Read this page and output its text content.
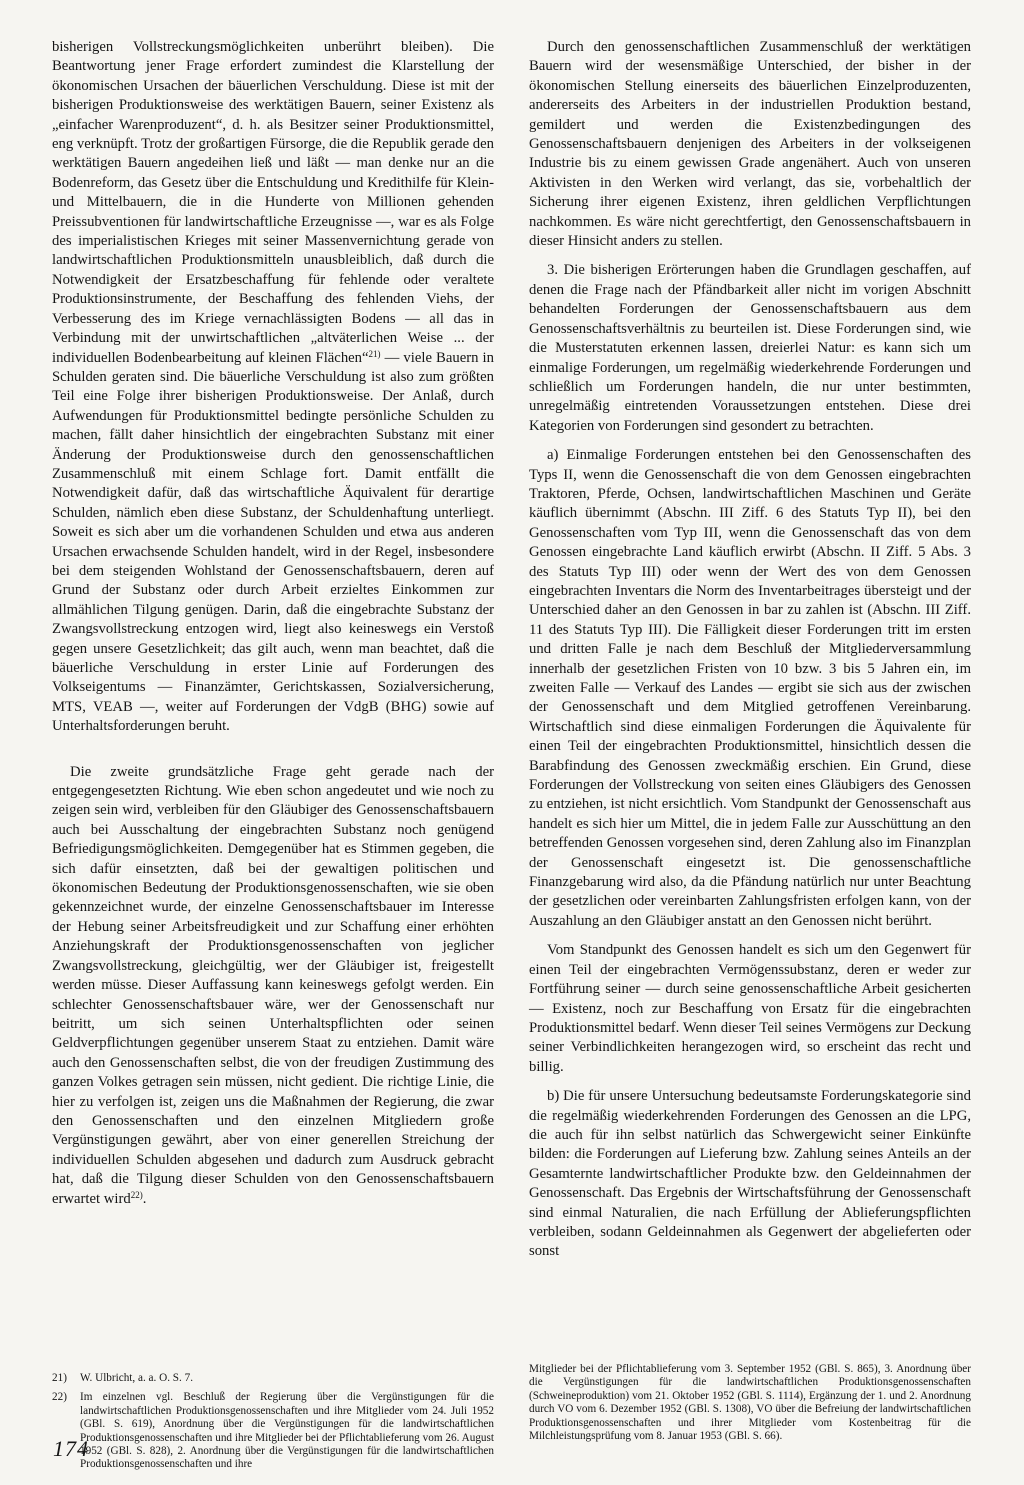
bisherigen Vollstreckungsmöglichkeiten unberührt bleiben). Die Beantwortung jener Frage erfordert zumindest die Klarstellung der ökonomischen Ursachen der bäuerlichen Verschuldung. Diese ist mit der bisherigen Produktionsweise des werktätigen Bauern, seiner Existenz als „einfacher Warenproduzent“, d. h. als Besitzer seiner Produktionsmittel, eng verknüpft. Trotz der großartigen Fürsorge, die die Republik gerade den werktätigen Bauern angedeihen ließ und läßt — man denke nur an die Bodenreform, das Gesetz über die Entschuldung und Kredithilfe für Klein- und Mittelbauern, die in die Hunderte von Millionen gehenden Preissubventionen für landwirtschaftliche Erzeugnisse —, war es als Folge des imperialistischen Krieges mit seiner Massenvernichtung gerade von landwirtschaftlichen Produktionsmitteln unausbleiblich, daß durch die Notwendigkeit der Ersatzbeschaffung für fehlende oder veraltete Produktionsinstrumente, der Beschaffung des fehlenden Viehs, der Verbesserung des im Kriege vernachlässigten Bodens — all das in Verbindung mit der unwirtschaftlichen „altväterlichen Weise ... der individuellen Bodenbearbeitung auf kleinen Flächen“$^{21)}$ — viele Bauern in Schulden geraten sind. Die bäuerliche Verschuldung ist also zum größten Teil eine Folge ihrer bisherigen Produktionsweise. Der Anlaß, durch Aufwendungen für Produktionsmittel bedingte persönliche Schulden zu machen, fällt daher hinsichtlich der eingebrachten Substanz mit einer Änderung der Produktionsweise durch den genossenschaftlichen Zusammenschluß mit einem Schlage fort. Damit entfällt die Notwendigkeit dafür, daß das wirtschaftliche Äquivalent für derartige Schulden, nämlich eben diese Substanz, der Schuldenhaftung unterliegt. Soweit es sich aber um die vorhandenen Schulden und etwa aus anderen Ursachen erwachsende Schulden handelt, wird in der Regel, insbesondere bei dem steigenden Wohlstand der Genossenschaftsbauern, deren auf Grund der Substanz oder durch Arbeit erzieltes Einkommen zur allmählichen Tilgung genügen. Darin, daß die eingebrachte Substanz der Zwangsvollstreckung entzogen wird, liegt also keineswegs ein Verstoß gegen unsere Gesetzlichkeit; das gilt auch, wenn man beachtet, daß die bäuerliche Verschuldung in erster Linie auf Forderungen des Volkseigentums — Finanzämter, Gerichtskassen, Sozialversicherung, MTS, VEAB —, weiter auf Forderungen der VdgB (BHG) sowie auf Unterhaltsforderungen beruht.

Die zweite grundsätzliche Frage geht gerade nach der entgegengesetzten Richtung. Wie eben schon angedeutet und wie noch zu zeigen sein wird, verbleiben für den Gläubiger des Genossenschaftsbauern auch bei Ausschaltung der eingebrachten Substanz noch genügend Befriedigungsmöglichkeiten. Demgegenüber hat es Stimmen gegeben, die sich dafür einsetzten, daß bei der gewaltigen politischen und ökonomischen Bedeutung der Produktionsgenossenschaften, wie sie oben gekennzeichnet wurde, der einzelne Genossenschaftsbauer im Interesse der Hebung seiner Arbeitsfreudigkeit und zur Schaffung einer erhöhten Anziehungskraft der Produktionsgenossenschaften von jeglicher Zwangsvollstreckung, gleichgültig, wer der Gläubiger ist, freigestellt werden müsse. Dieser Auffassung kann keineswegs gefolgt werden. Ein schlechter Genossenschaftsbauer wäre, wer der Genossenschaft nur beitritt, um sich seinen Unterhaltspflichten oder seinen Geldverpflichtungen gegenüber unserem Staat zu entziehen. Damit wäre auch den Genossenschaften selbst, die von der freudigen Zustimmung des ganzen Volkes getragen sein müssen, nicht gedient. Die richtige Linie, die hier zu verfolgen ist, zeigen uns die Maßnahmen der Regierung, die zwar den Genossenschaften und den einzelnen Mitgliedern große Vergünstigungen gewährt, aber von einer generellen Streichung der individuellen Schulden abgesehen und dadurch zum Ausdruck gebracht hat, daß die Tilgung dieser Schulden von den Genossenschaftsbauern erwartet wird$^{22)}$.

Durch den genossenschaftlichen Zusammenschluß der werktätigen Bauern wird der wesensmäßige Unterschied, der bisher in der ökonomischen Stellung einerseits des bäuerlichen Einzelproduzenten, andererseits des Arbeiters in der industriellen Produktion bestand, gemildert und werden die Existenzbedingungen des Genossenschaftsbauern denjenigen des Arbeiters in der volkseigenen Industrie bis zu einem gewissen Grade angenähert. Auch von unseren Aktivisten in den Werken wird verlangt, das sie, vorbehaltlich der Sicherung ihrer eigenen Existenz, ihren geldlichen Verpflichtungen nachkommen. Es wäre nicht gerechtfertigt, den Genossenschaftsbauern in dieser Hinsicht anders zu stellen.

3. Die bisherigen Erörterungen haben die Grundlagen geschaffen, auf denen die Frage nach der Pfändbarkeit aller nicht im vorigen Abschnitt behandelten Forderungen der Genossenschaftsbauern aus dem Genossenschaftsverhältnis zu beurteilen ist. Diese Forderungen sind, wie die Musterstatuten erkennen lassen, dreierlei Natur: es kann sich um einmalige Forderungen, um regelmäßig wiederkehrende Forderungen und schließlich um Forderungen handeln, die nur unter bestimmten, unregelmäßig eintretenden Voraussetzungen entstehen. Diese drei Kategorien von Forderungen sind gesondert zu betrachten.

a) Einmalige Forderungen entstehen bei den Genossenschaften des Typs II, wenn die Genossenschaft die von dem Genossen eingebrachten Traktoren, Pferde, Ochsen, landwirtschaftlichen Maschinen und Geräte käuflich übernimmt (Abschn. III Ziff. 6 des Statuts Typ II), bei den Genossenschaften vom Typ III, wenn die Genossenschaft das von dem Genossen eingebrachte Land käuflich erwirbt (Abschn. II Ziff. 5 Abs. 3 des Statuts Typ III) oder wenn der Wert des von dem Genossen eingebrachten Inventars die Norm des Inventarbeitrages übersteigt und der Unterschied daher an den Genossen in bar zu zahlen ist (Abschn. III Ziff. 11 des Statuts Typ III). Die Fälligkeit dieser Forderungen tritt im ersten und dritten Falle je nach dem Beschluß der Mitgliederversammlung innerhalb der gesetzlichen Fristen von 10 bzw. 3 bis 5 Jahren ein, im zweiten Falle — Verkauf des Landes — ergibt sie sich aus der zwischen der Genossenschaft und dem Mitglied getroffenen Vereinbarung. Wirtschaftlich sind diese einmaligen Forderungen die Äquivalente für einen Teil der eingebrachten Produktionsmittel, hinsichtlich dessen die Barabfindung des Genossen zweckmäßig erschien. Ein Grund, diese Forderungen der Vollstreckung von seiten eines Gläubigers des Genossen zu entziehen, ist nicht ersichtlich. Vom Standpunkt der Genossenschaft aus handelt es sich hier um Mittel, die in jedem Falle zur Ausschüttung an den betreffenden Genossen vorgesehen sind, deren Zahlung also im Finanzplan der Genossenschaft eingesetzt ist. Die genossenschaftliche Finanzgebarung wird also, da die Pfändung natürlich nur unter Beachtung der gesetzlichen oder vereinbarten Zahlungsfristen erfolgen kann, von der Auszahlung an den Gläubiger anstatt an den Genossen nicht berührt.

Vom Standpunkt des Genossen handelt es sich um den Gegenwert für einen Teil der eingebrachten Vermögenssubstanz, deren er weder zur Fortführung seiner — durch seine genossenschaftliche Arbeit gesicherten — Existenz, noch zur Beschaffung von Ersatz für die eingebrachten Produktionsmittel bedarf. Wenn dieser Teil seines Vermögens zur Deckung seiner Verbindlichkeiten herangezogen wird, so erscheint das recht und billig.

b) Die für unsere Untersuchung bedeutsamste Forderungskategorie sind die regelmäßig wiederkehrenden Forderungen des Genossen an die LPG, die auch für ihn selbst natürlich das Schwergewicht seiner Einkünfte bilden: die Forderungen auf Lieferung bzw. Zahlung seines Anteils an der Gesamternte landwirtschaftlicher Produkte bzw. den Geldeinnahmen der Genossenschaft. Das Ergebnis der Wirtschaftsführung der Genossenschaft sind einmal Naturalien, die nach Erfüllung der Ablieferungspflichten verbleiben, sodann Geldeinnahmen als Gegenwert der abgelieferten oder sonst

21)	W. Ulbricht, a. a. O. S. 7.
22)	Im einzelnen vgl. Beschluß der Regierung über die Vergünstigungen für die landwirtschaftlichen Produktionsgenossenschaften und ihre Mitglieder vom 24. Juli 1952 (GBl. S. 619), Anordnung über die Vergünstigungen für die landwirtschaftlichen Produktionsgenossenschaften und ihre Mitglieder bei der Pflichtablieferung vom 26. August 1952 (GBl. S. 828), 2. Anordnung über die Vergünstigungen für die landwirtschaftlichen Produktionsgenossenschaften und ihre
Mitglieder bei der Pflichtablieferung vom 3. September 1952 (GBl. S. 865), 3. Anordnung über die Vergünstigungen für die landwirtschaftlichen Produktionsgenossenschaften (Schweineproduktion) vom 21. Oktober 1952 (GBl. S. 1114), Ergänzung der 1. und 2. Anordnung durch VO vom 6. Dezember 1952 (GBl. S. 1308), VO über die Befreiung der landwirtschaftlichen Produktionsgenossenschaften und ihrer Mitglieder vom Kostenbeitrag für die Milchleistungsprüfung vom 8. Januar 1953 (GBl. S. 66).
174
